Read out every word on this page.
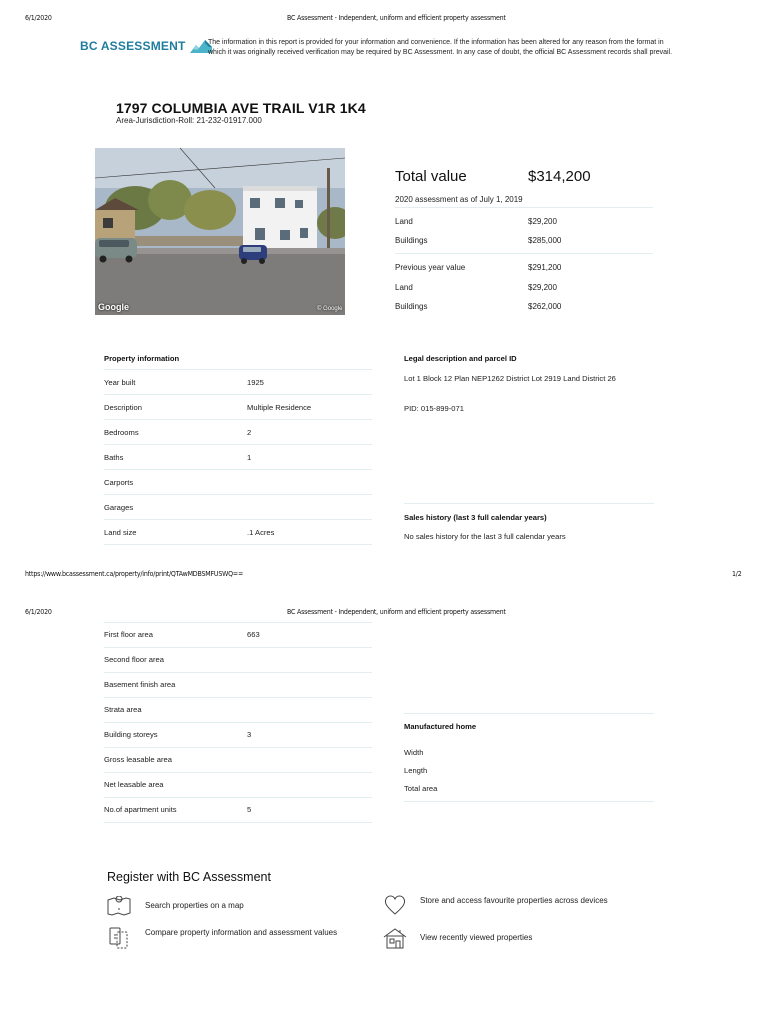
6/1/2020	BC Assessment - Independent, uniform and efficient property assessment
BC ASSESSMENT	The information in this report is provided for your information and convenience. If the information has been altered for any reason from the format in which it was originally received verification may be required by BC Assessment. In any case of doubt, the official BC Assessment records shall prevail.
1797 COLUMBIA AVE TRAIL V1R 1K4
Area-Jurisdiction-Roll: 21-232-01917.000
Google	© Google
Total value	$314,200
2020 assessment as of July 1, 2019
Land	$29,200
Buildings	$285,000
Previous year value	$291,200
Land	$29,200
Buildings	$262,000
Property information
Year built	1925
Description	Multiple Residence
Bedrooms	2
Baths	1
Carports
Garages
Land size	.1 Acres
Legal description and parcel ID
Lot 1 Block 12 Plan NEP1262 District Lot 2919 Land District 26
PID: 015-899-071
Sales history (last 3 full calendar years)
No sales history for the last 3 full calendar years
https://www.bcassessment.ca/property/info/print/QTAwMDBSMFUSWQ==	1/2
6/1/2020	BC Assessment - Independent, uniform and efficient property assessment
First floor area	663
Second floor area
Basement finish area
Strata area
Building storeys	3
Gross leasable area
Net leasable area
No.of apartment units	5
Manufactured home
Width
Length
Total area
Register with BC Assessment
Search properties on a map
Store and access favourite properties across devices
Compare property information and assessment values
View recently viewed properties
